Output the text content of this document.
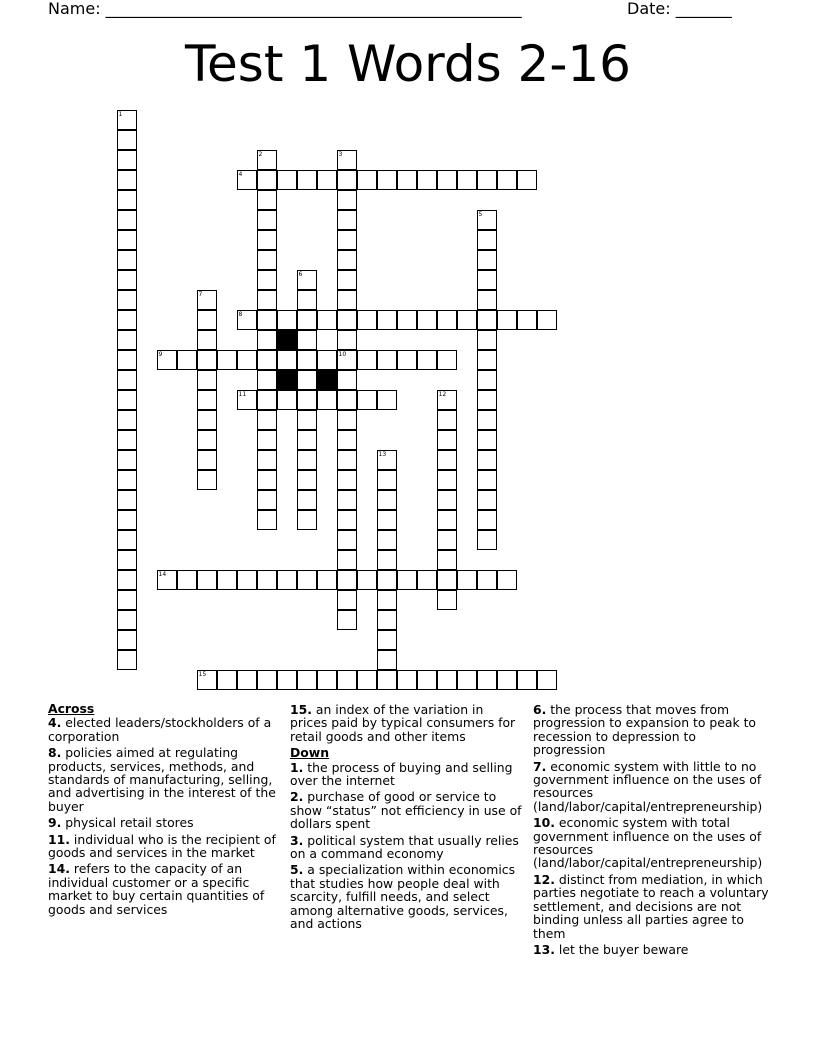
Name: ____________________________________________________	Date: _______
Test 1 Words 2-16
1
2	3
10
4
5
6
7
8
9
11	12
13
14
15
Across
4. elected leaders/stockholders of a corporation
8. policies aimed at regulating products, services, methods, and standards of manufacturing, selling, and advertising in the interest of the buyer
9. physical retail stores
11. individual who is the recipient of goods and services in the market
14. refers to the capacity of an individual customer or a specific market to buy certain quantities of goods and services
15. an index of the variation in prices paid by typical consumers for retail goods and other items
Down
1. the process of buying and selling over the internet
2. purchase of good or service to show “status” not efficiency in use of dollars spent
3. political system that usually relies on a command economy
5. a specialization within economics that studies how people deal with scarcity, fulfill needs, and select among alternative goods, services, and actions
6. the process that moves from progression to expansion to peak to recession to depression to progression
7. economic system with little to no government influence on the uses of resources (land/labor/capital/entrepreneurship)
10. economic system with total government influence on the uses of resources (land/labor/capital/entrepreneurship)
12. distinct from mediation, in which parties negotiate to reach a voluntary settlement, and decisions are not binding unless all parties agree to them
13. let the buyer beware
